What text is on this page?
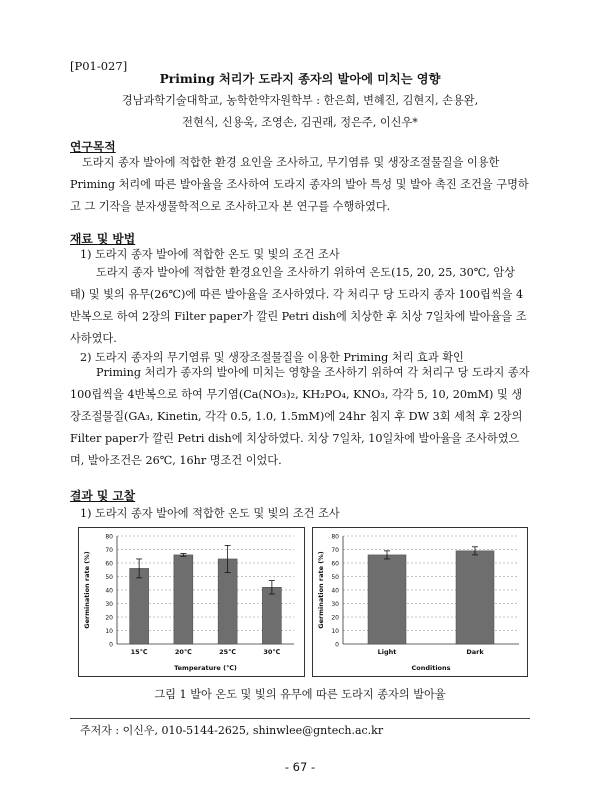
[P01-027]
Priming 처리가 도라지 종자의 발아에 미치는 영향
경남과학기술대학교, 농학한약자원학부 : 한은희, 변혜진, 김현지, 손용완,
전현식, 신용욱, 조영손, 김권래, 정은주, 이신우*
연구목적
도라지 종자 발아에 적합한 환경 요인을 조사하고, 무기염류 및 생장조절물질을 이용한 Priming 처리에 따른 발아율을 조사하여 도라지 종자의 발아 특성 및 발아 촉진 조건을 구명하고 그 기작을 분자생물학적으로 조사하고자 본 연구를 수행하였다.
재료 및 방법
1) 도라지 종자 발아에 적합한 온도 및 빛의 조건 조사
도라지 종자 발아에 적합한 환경요인을 조사하기 위하여 온도(15, 20, 25, 30℃, 암상태) 및 빛의 유무(26℃)에 따른 발아율을 조사하였다. 각 처리구 당 도라지 종자 100립씩을 4반복으로 하여 2장의 Filter paper가 깔린 Petri dish에 치상한 후 치상 7일차에 발아율을 조사하였다.
2) 도라지 종자의 무기염류 및 생장조절물질을 이용한 Priming 처리 효과 확인
Priming 처리가 종자의 발아에 미치는 영향을 조사하기 위하여 각 처리구 당 도라지 종자 100립씩을 4반복으로 하여 무기염(Ca(NO₃)₂, KH₂PO₄, KNO₃, 각각 5, 10, 20mM) 및 생장조절물질(GA₃, Kinetin, 각각 0.5, 1.0, 1.5mM)에 24hr 침지 후 DW 3회 세척 후 2장의 Filter paper가 깔린 Petri dish에 치상하였다. 치상 7일차, 10일차에 발아율을 조사하였으며, 발아조건은 26℃, 16hr 명조건 이었다.
결과 및 고찰
1) 도라지 종자 발아에 적합한 온도 및 빛의 조건 조사
0
10
20
30
40
50
60
70
80
15℃	20℃	25℃	30℃
Temperature (℃)
Germination rate (%)
0
10
20
30
40
50
60
70
80
Light	Dark
Conditions
Germination rate (%)
그림 1 발아 온도 및 빛의 유무에 따른 도라지 종자의 발아율
주저자 : 이신우, 010-5144-2625, shinwlee@gntech.ac.kr
- 67 -
